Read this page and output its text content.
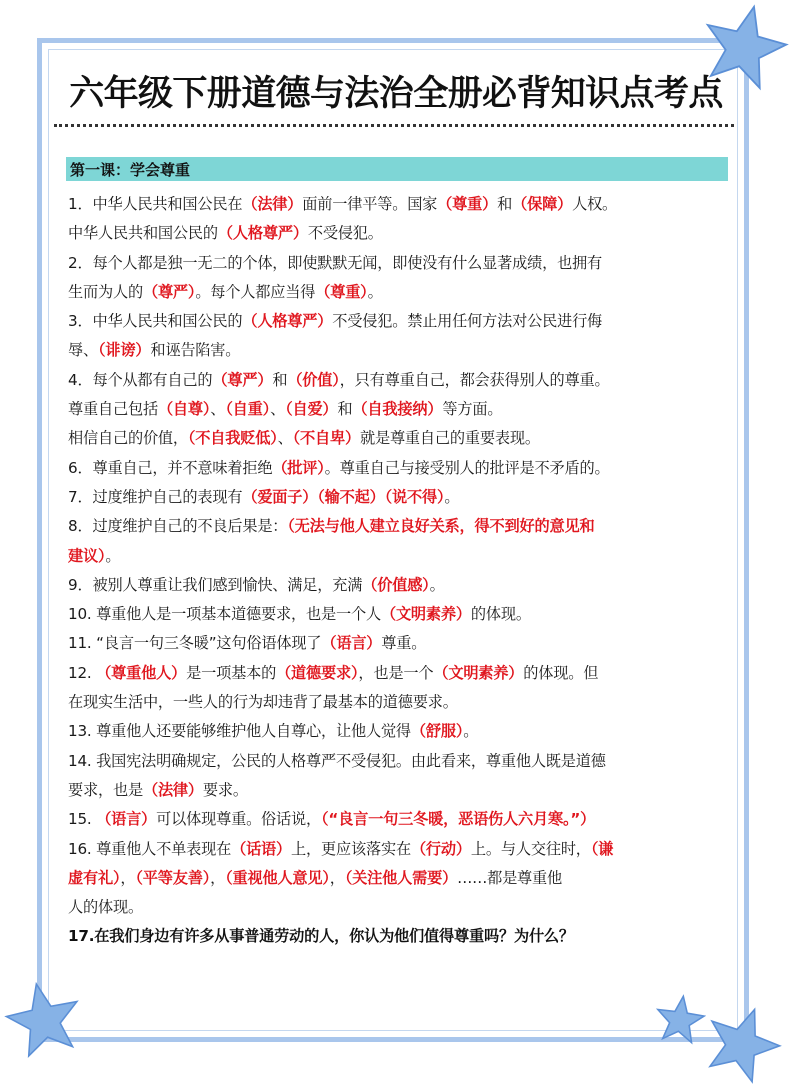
六年级下册道德与法治全册必背知识点考点
第一课：学会尊重
1．中华人民共和国公民在（法律）面前一律平等。国家（尊重）和（保障）人权。
中华人民共和国公民的（人格尊严）不受侵犯。
2．每个人都是独一无二的个体，即使默默无闻，即使没有什么显著成绩，也拥有
生而为人的（尊严）。每个人都应当得（尊重）。
3．中华人民共和国公民的（人格尊严）不受侵犯。禁止用任何方法对公民进行侮
辱、（诽谤）和诬告陷害。
4．每个从都有自己的（尊严）和（价值），只有尊重自己，都会获得别人的尊重。
尊重自己包括（自尊）、（自重）、（自爱）和（自我接纳）等方面。
相信自己的价值，（不自我贬低）、（不自卑）就是尊重自己的重要表现。
6．尊重自己，并不意味着拒绝（批评）。尊重自己与接受别人的批评是不矛盾的。
7．过度维护自己的表现有（爱面子）（输不起）（说不得）。
8．过度维护自己的不良后果是：（无法与他人建立良好关系，得不到好的意见和
建议）。
9．被别人尊重让我们感到愉快、满足，充满（价值感）。
10. 尊重他人是一项基本道德要求，也是一个人（文明素养）的体现。
11. “良言一句三冬暖”这句俗语体现了（语言）尊重。
12. （尊重他人）是一项基本的（道德要求），也是一个（文明素养）的体现。但
在现实生活中，一些人的行为却违背了最基本的道德要求。
13. 尊重他人还要能够维护他人自尊心，让他人觉得（舒服）。
14. 我国宪法明确规定，公民的人格尊严不受侵犯。由此看来，尊重他人既是道德
要求，也是（法律）要求。
15. （语言）可以体现尊重。俗话说，（“良言一句三冬暖，恶语伤人六月寒。”）
16. 尊重他人不单表现在（话语）上，更应该落实在（行动）上。与人交往时，（谦
虚有礼），（平等友善），（重视他人意见），（关注他人需要）……都是尊重他
人的体现。
17.在我们身边有许多从事普通劳动的人，你认为他们值得尊重吗？为什么？
